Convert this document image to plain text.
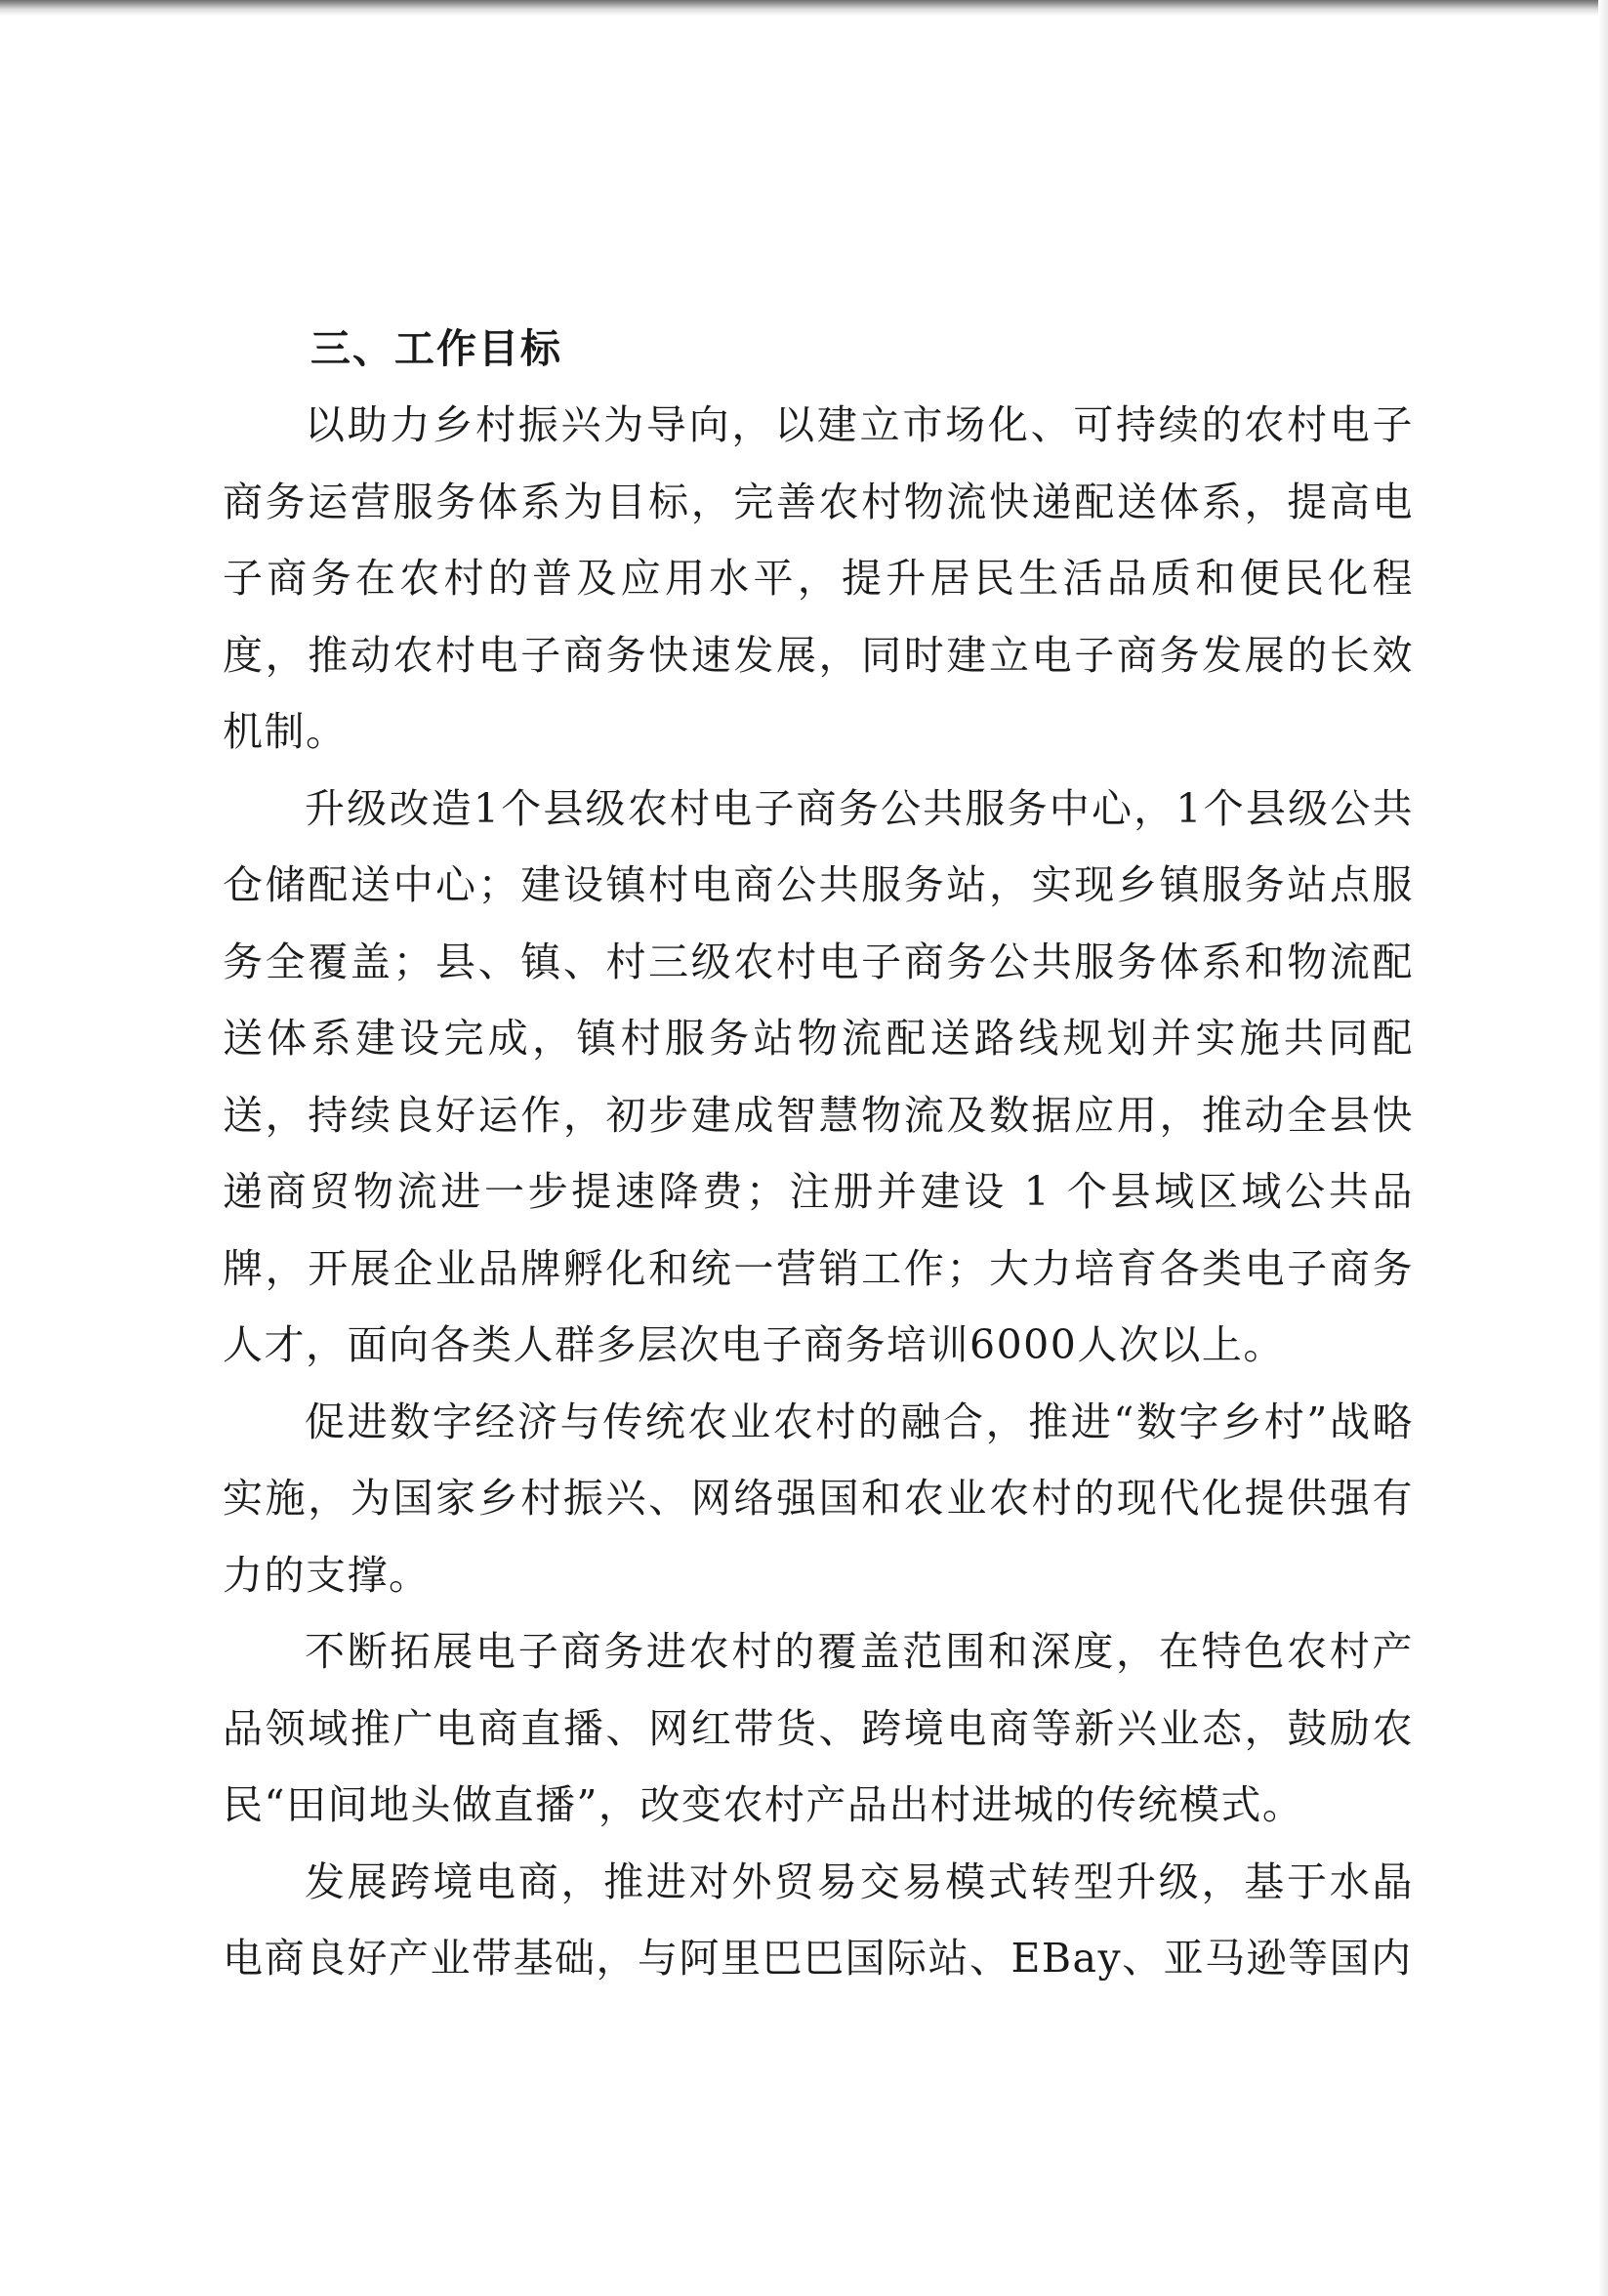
三、工作目标

以助力乡村振兴为导向，以建立市场化、可持续的农村电子商务运营服务体系为目标，完善农村物流快递配送体系，提高电子商务在农村的普及应用水平，提升居民生活品质和便民化程度，推动农村电子商务快速发展，同时建立电子商务发展的长效机制。

升级改造1个县级农村电子商务公共服务中心，1个县级公共仓储配送中心；建设镇村电商公共服务站，实现乡镇服务站点服务全覆盖；县、镇、村三级农村电子商务公共服务体系和物流配送体系建设完成，镇村服务站物流配送路线规划并实施共同配送，持续良好运作，初步建成智慧物流及数据应用，推动全县快递商贸物流进一步提速降费；注册并建设 1 个县域区域公共品牌，开展企业品牌孵化和统一营销工作；大力培育各类电子商务人才，面向各类人群多层次电子商务培训6000人次以上。

促进数字经济与传统农业农村的融合，推进“数字乡村”战略实施，为国家乡村振兴、网络强国和农业农村的现代化提供强有力的支撑。

不断拓展电子商务进农村的覆盖范围和深度，在特色农村产品领域推广电商直播、网红带货、跨境电商等新兴业态，鼓励农民“田间地头做直播”，改变农村产品出村进城的传统模式。

发展跨境电商，推进对外贸易交易模式转型升级，基于水晶电商良好产业带基础，与阿里巴巴国际站、EBay、亚马逊等国内
